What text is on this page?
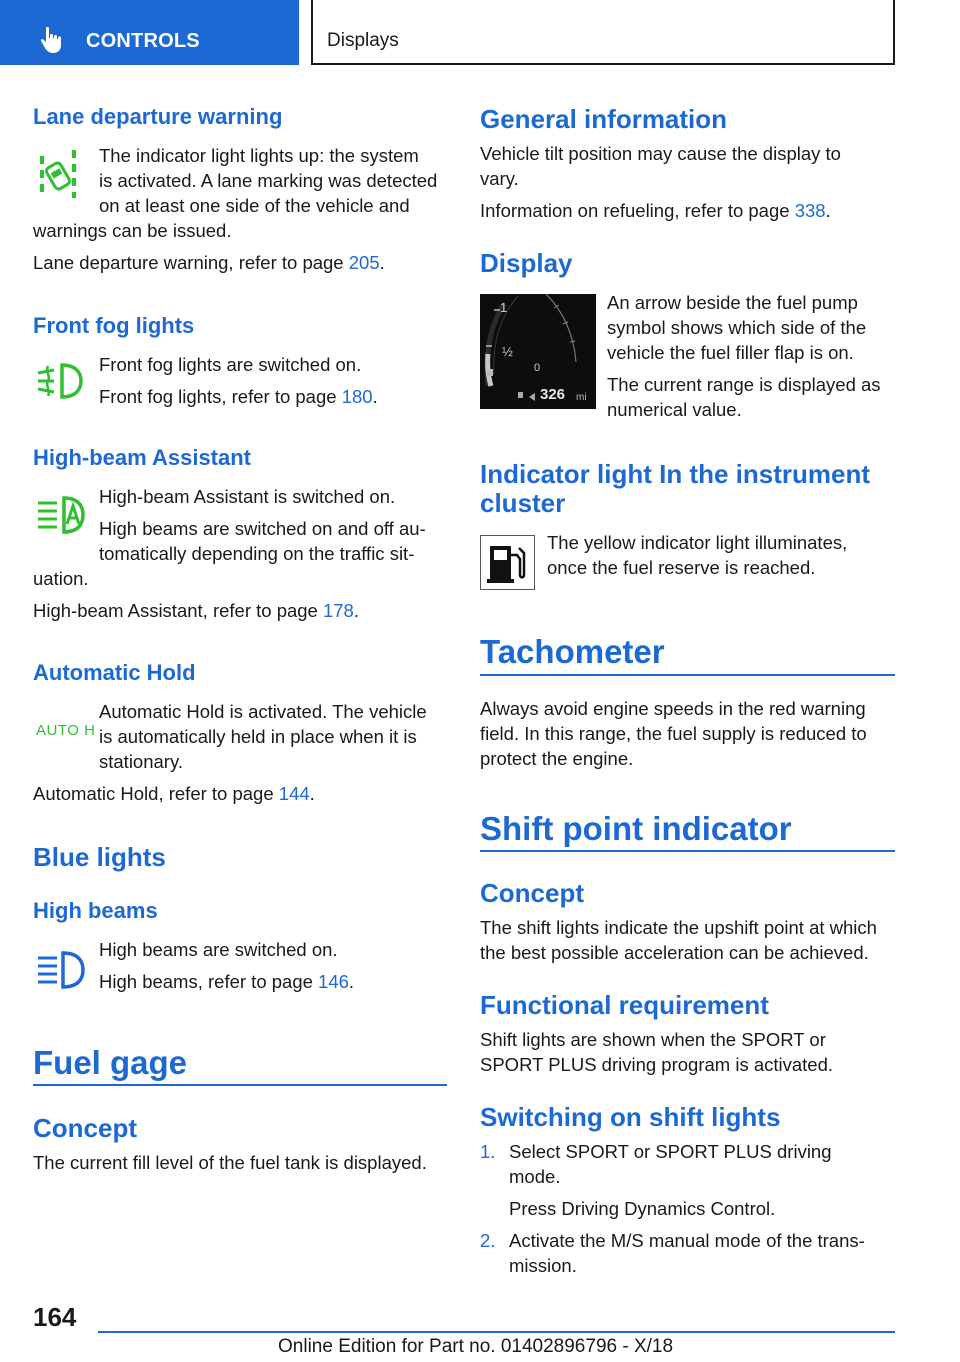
CONTROLS	Displays
Lane departure warning
The indicator light lights up: the system
is activated. A lane marking was detected
on at least one side of the vehicle and
warnings can be issued.
Lane departure warning, refer to page 205.
Front fog lights
Front fog lights are switched on.
Front fog lights, refer to page 180.
High-beam Assistant
High-beam Assistant is switched on.
High beams are switched on and off au-
tomatically depending on the traffic sit-
uation.
High-beam Assistant, refer to page 178.
Automatic Hold
AUTO H
Automatic Hold is activated. The vehicle
is automatically held in place when it is
stationary.
Automatic Hold, refer to page 144.
Blue lights
High beams
High beams are switched on.
High beams, refer to page 146.
Fuel gage
Concept
The current fill level of the fuel tank is displayed.
General information
Vehicle tilt position may cause the display to
vary.
Information on refueling, refer to page 338.
Display
1
½
0
326 mi
An arrow beside the fuel pump
symbol shows which side of the
vehicle the fuel filler flap is on.
The current range is displayed as
numerical value.
Indicator light In the instrument
cluster
The yellow indicator light illuminates,
once the fuel reserve is reached.
Tachometer
Always avoid engine speeds in the red warning
field. In this range, the fuel supply is reduced to
protect the engine.
Shift point indicator
Concept
The shift lights indicate the upshift point at which
the best possible acceleration can be achieved.
Functional requirement
Shift lights are shown when the SPORT or
SPORT PLUS driving program is activated.
Switching on shift lights
1. Select SPORT or SPORT PLUS driving
mode.
Press Driving Dynamics Control.
2. Activate the M/S manual mode of the trans-
mission.
164
Online Edition for Part no. 01402896796 - X/18
